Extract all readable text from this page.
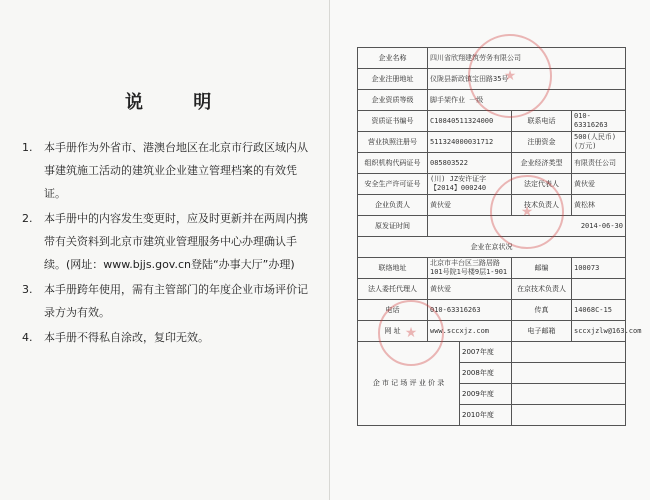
说 明
1.	本手册作为外省市、港澳台地区在北京市行政区域内从事建筑施工活动的建筑业企业建立管理档案的有效凭证。
2.	本手册中的内容发生变更时，应及时更新并在两周内携带有关资料到北京市建筑业管理服务中心办理确认手续。(网址：www.bjjs.gov.cn登陆“办事大厅”办理)
3.	本手册跨年使用，需有主管部门的年度企业市场评价记录方为有效。
4.	本手册不得私自涂改，复印无效。
企业名称	四川省欣翔建筑劳务有限公司			
企业注册地址	仪陇县新政镇宝田路35号			
企业资质等级	脚手架作业 一级			
资质证书编号	C10840511324000		联系电话	010-63316263
营业执照注册号	511324000031712		注册资金	500(人民币)(万元)
组织机构代码证号	085803522		企业经济类型	有限责任公司
安全生产许可证号	(川) JZ安许证字【2014】000240		法定代表人	黄伙爱
企业负责人	黄伙爱		技术负责人	黄松林
原发证时间	2014-06-30			
企业在京状况				
联络地址	北京市丰台区三路居路101号院1号楼9层1-901		邮编	100073
法人委托代理人	黄伙爱		在京技术负责人	
电话	010-63316263		传真	14068C-15
网 址	www.sccxjz.com		电子邮箱	sccxjzlw@163.com
企 市 记 场 评 业 价 录		2007年度		
		2008年度		
		2009年度		
		2010年度		
★
★
★
